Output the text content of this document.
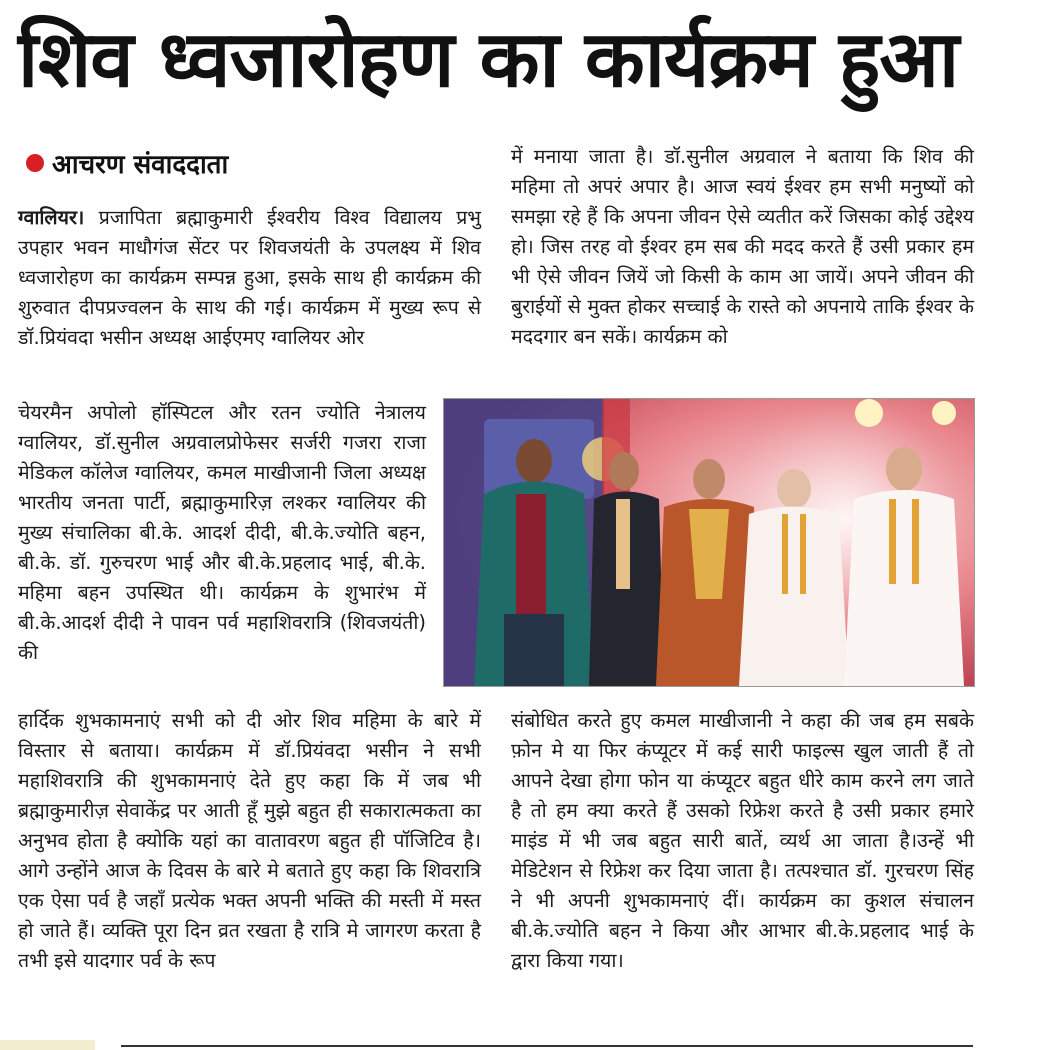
शिव ध्वजारोहण का कार्यक्रम हुआ
आचरण संवाददाता

ग्वालियर। प्रजापिता ब्रह्माकुमारी ईश्वरीय विश्व विद्यालय प्रभु उपहार भवन माधौगंज सेंटर पर शिवजयंती के उपलक्ष्य में शिव ध्वजारोहण का कार्यक्रम सम्पन्न हुआ, इसके साथ ही कार्यक्रम की शुरुवात दीपप्रज्वलन के साथ की गई। कार्यक्रम में मुख्य रूप से डॉ.प्रियंवदा भसीन अध्यक्ष आईएमए ग्वालियर ओर

चेयरमैन अपोलो हॉस्पिटल और रतन ज्योति नेत्रालय ग्वालियर, डॉ.सुनील अग्रवालप्रोफेसर सर्जरी गजरा राजा मेडिकल कॉलेज ग्वालियर, कमल माखीजानी जिला अध्यक्ष भारतीय जनता पार्टी, ब्रह्माकुमारिज़ लश्कर ग्वालियर की मुख्य संचालिका बी.के. आदर्श दीदी, बी.के.ज्योति बहन, बी.के. डॉ. गुरुचरण भाई और बी.के.प्रहलाद भाई, बी.के. महिमा बहन उपस्थित थी। कार्यक्रम के शुभारंभ में बी.के.आदर्श दीदी ने पावन पर्व महाशिवरात्रि (शिवजयंती) की

हार्दिक शुभकामनाएं सभी को दी ओर शिव महिमा के बारे में विस्तार से बताया। कार्यक्रम में डॉ.प्रियंवदा भसीन ने सभी महाशिवरात्रि की शुभकामनाएं देते हुए कहा कि में जब भी ब्रह्माकुमारीज़ सेवाकेंद्र पर आती हूँ मुझे बहुत ही सकारात्मकता का अनुभव होता है क्योकि यहां का वातावरण बहुत ही पॉजिटिव है। आगे उन्होंने आज के दिवस के बारे मे बताते हुए कहा कि शिवरात्रि एक ऐसा पर्व है जहाँ प्रत्येक भक्त अपनी भक्ति की मस्ती में मस्त हो जाते हैं। व्यक्ति पूरा दिन व्रत रखता है रात्रि मे जागरण करता है तभी इसे यादगार पर्व के रूप

में मनाया जाता है। डॉ.सुनील अग्रवाल ने बताया कि शिव की महिमा तो अपरं अपार है। आज स्वयं ईश्वर हम सभी मनुष्यों को समझा रहे हैं कि अपना जीवन ऐसे व्यतीत करें जिसका कोई उद्देश्य हो। जिस तरह वो ईश्वर हम सब की मदद करते हैं उसी प्रकार हम भी ऐसे जीवन जियें जो किसी के काम आ जायें। अपने जीवन की बुराईयों से मुक्त होकर सच्चाई के रास्ते को अपनाये ताकि ईश्वर के मददगार बन सकें। कार्यक्रम को

संबोधित करते हुए कमल माखीजानी ने कहा की जब हम सबके फ़ोन मे या फिर कंप्यूटर में कई सारी फाइल्स खुल जाती हैं तो आपने देखा होगा फोन या कंप्यूटर बहुत धीरे काम करने लग जाते है तो हम क्या करते हैं उसको रिफ्रेश करते है उसी प्रकार हमारे माइंड में भी जब बहुत सारी बातें, व्यर्थ आ जाता है।उन्हें भी मेडिटेशन से रिफ्रेश कर दिया जाता है। तत्पश्चात डॉ. गुरचरण सिंह ने भी अपनी शुभकामनाएं दीं। कार्यक्रम का कुशल संचालन बी.के.ज्योति बहन ने किया और आभार बी.के.प्रहलाद भाई के द्वारा किया गया।
